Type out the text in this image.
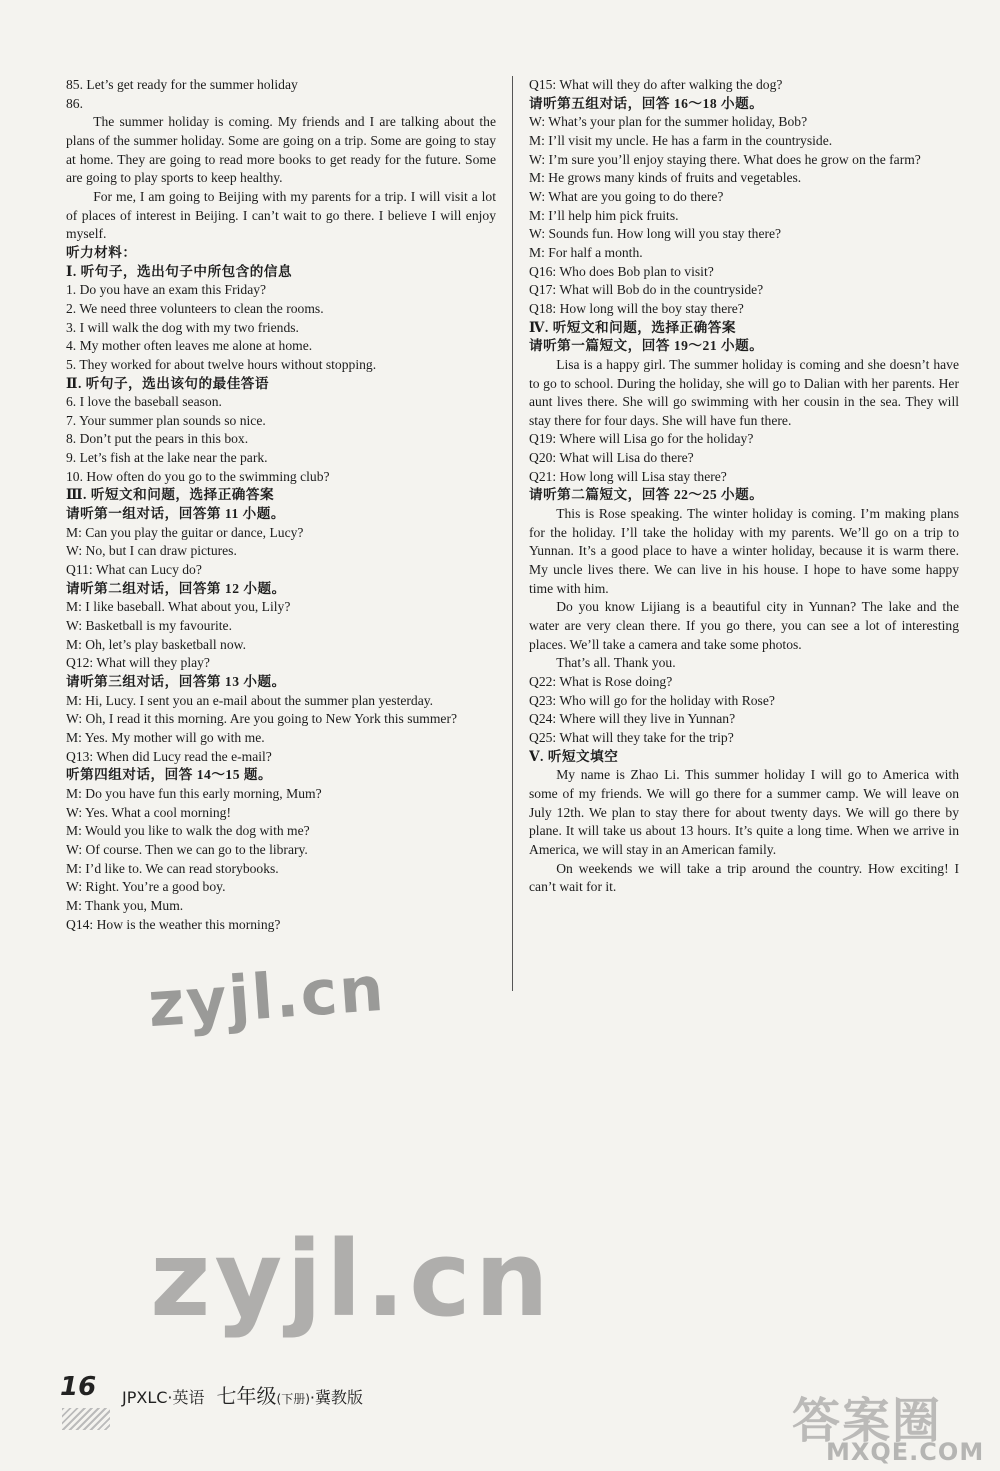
85. Let’s get ready for the summer holiday
86.
The summer holiday is coming. My friends and I are talking about the plans of the summer holiday. Some are going on a trip. Some are going to stay at home. They are going to read more books to get ready for the future. Some are going to play sports to keep healthy.
For me, I am going to Beijing with my parents for a trip. I will visit a lot of places of interest in Beijing. I can’t wait to go there. I believe I will enjoy myself.
听力材料：
Ⅰ. 听句子，选出句子中所包含的信息
1. Do you have an exam this Friday?
2. We need three volunteers to clean the rooms.
3. I will walk the dog with my two friends.
4. My mother often leaves me alone at home.
5. They worked for about twelve hours without stopping.
Ⅱ. 听句子，选出该句的最佳答语
6. I love the baseball season.
7. Your summer plan sounds so nice.
8. Don’t put the pears in this box.
9. Let’s fish at the lake near the park.
10. How often do you go to the swimming club?
Ⅲ. 听短文和问题，选择正确答案
请听第一组对话，回答第 11 小题。
M: Can you play the guitar or dance, Lucy?
W: No, but I can draw pictures.
Q11: What can Lucy do?
请听第二组对话，回答第 12 小题。
M: I like baseball. What about you, Lily?
W: Basketball is my favourite.
M: Oh, let’s play basketball now.
Q12: What will they play?
请听第三组对话，回答第 13 小题。
M: Hi, Lucy. I sent you an e-mail about the summer plan yesterday.
W: Oh, I read it this morning. Are you going to New York this summer?
M: Yes. My mother will go with me.
Q13: When did Lucy read the e-mail?
听第四组对话，回答 14～15 题。
M: Do you have fun this early morning, Mum?
W: Yes. What a cool morning!
M: Would you like to walk the dog with me?
W: Of course. Then we can go to the library.
M: I’d like to. We can read storybooks.
W: Right. You’re a good boy.
M: Thank you, Mum.
Q14: How is the weather this morning?
Q15: What will they do after walking the dog?
请听第五组对话，回答 16～18 小题。
W: What’s your plan for the summer holiday, Bob?
M: I’ll visit my uncle. He has a farm in the countryside.
W: I’m sure you’ll enjoy staying there. What does he grow on the farm?
M: He grows many kinds of fruits and vegetables.
W: What are you going to do there?
M: I’ll help him pick fruits.
W: Sounds fun. How long will you stay there?
M: For half a month.
Q16: Who does Bob plan to visit?
Q17: What will Bob do in the countryside?
Q18: How long will the boy stay there?
Ⅳ. 听短文和问题，选择正确答案
请听第一篇短文，回答 19～21 小题。
Lisa is a happy girl. The summer holiday is coming and she doesn’t have to go to school. During the holiday, she will go to Dalian with her parents. Her aunt lives there. She will go swimming with her cousin in the sea. They will stay there for four days. She will have fun there.
Q19: Where will Lisa go for the holiday?
Q20: What will Lisa do there?
Q21: How long will Lisa stay there?
请听第二篇短文，回答 22～25 小题。
This is Rose speaking. The winter holiday is coming. I’m making plans for the holiday. I’ll take the holiday with my parents. We’ll go on a trip to Yunnan. It’s a good place to have a winter holiday, because it is warm there. My uncle lives there. We can live in his house. I hope to have some happy time with him.
Do you know Lijiang is a beautiful city in Yunnan? The lake and the water are very clean there. If you go there, you can see a lot of interesting places. We’ll take a camera and take some photos.
That’s all. Thank you.
Q22: What is Rose doing?
Q23: Who will go for the holiday with Rose?
Q24: Where will they live in Yunnan?
Q25: What will they take for the trip?
Ⅴ. 听短文填空
My name is Zhao Li. This summer holiday I will go to America with some of my friends. We will go there for a summer camp. We will leave on July 12th. We plan to stay there for about twenty days. We will go there by plane. It will take us about 13 hours. It’s quite a long time. When we arrive in America, we will stay in an American family.
On weekends we will take a trip around the country. How exciting! I can’t wait for it.
zyjl.cn
zyjl.cn
16 JPXLC·英语 七年级(下册)·冀教版	答案圈
MXQE.COM
